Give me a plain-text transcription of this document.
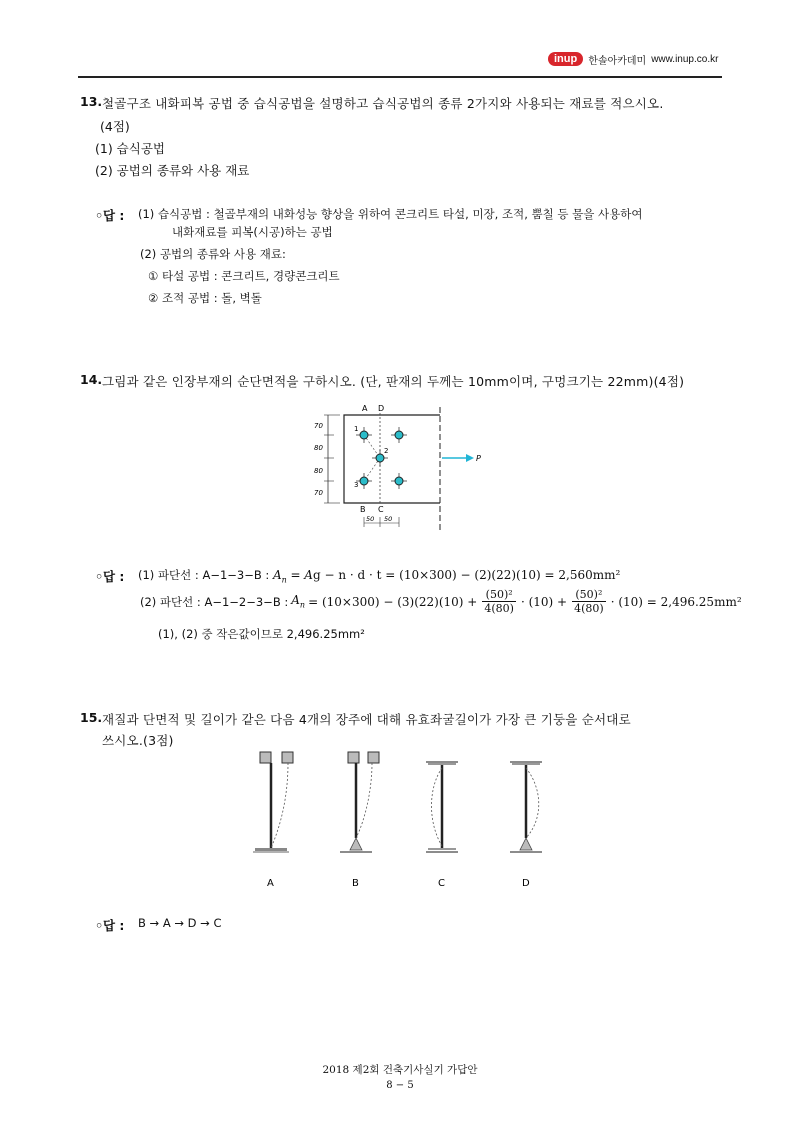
inup	한솔아카데미 www.inup.co.kr
13. 철골구조 내화피복 공법 중 습식공법을 설명하고 습식공법의 종류 2가지와 사용되는 재료를 적으시오.
(4점)
(1) 습식공법
(2) 공법의 종류와 사용 재료
◦답 : (1) 습식공법 : 철골부재의 내화성능 향상을 위하여 콘크리트 타설, 미장, 조적, 뿜칠 등 물을 사용하여
내화재료를 피복(시공)하는 공법
(2) 공법의 종류와 사용 재료:
① 타설 공법 : 콘크리트, 경량콘크리트
② 조적 공법 : 돌, 벽돌
14. 그림과 같은 인장부재의 순단면적을 구하시오. (단, 판재의 두께는 10mm이며, 구멍크기는 22mm)(4점)
70
80
80
70
A D
B C
1
2
3
50 50
P
◦답 : (1) 파단선 : A−1−3−B : $A_n$ = 𝐴g − n · d · t = (10×300) − (2)(22)(10) = 2,560mm²
(2) 파단선 : A−1−2−3−B : $A_n = (10\times 300) - (3)(22)(10) + \frac{\text{(50)²}}{4(80)} \cdot (10) + \frac{\text{(50)²}}{4(80)} \cdot (10) = 2,496.25mm^2$
(1), (2) 중 작은값이므로 2,496.25mm²
15. 재질과 단면적 및 길이가 같은 다음 4개의 장주에 대해 유효좌굴길이가 가장 큰 기둥을 순서대로
쓰시오.(3점)
A	B	C	D
◦답 : B → A → D → C
2018 제2회 건축기사실기 가답안
8 − 5
